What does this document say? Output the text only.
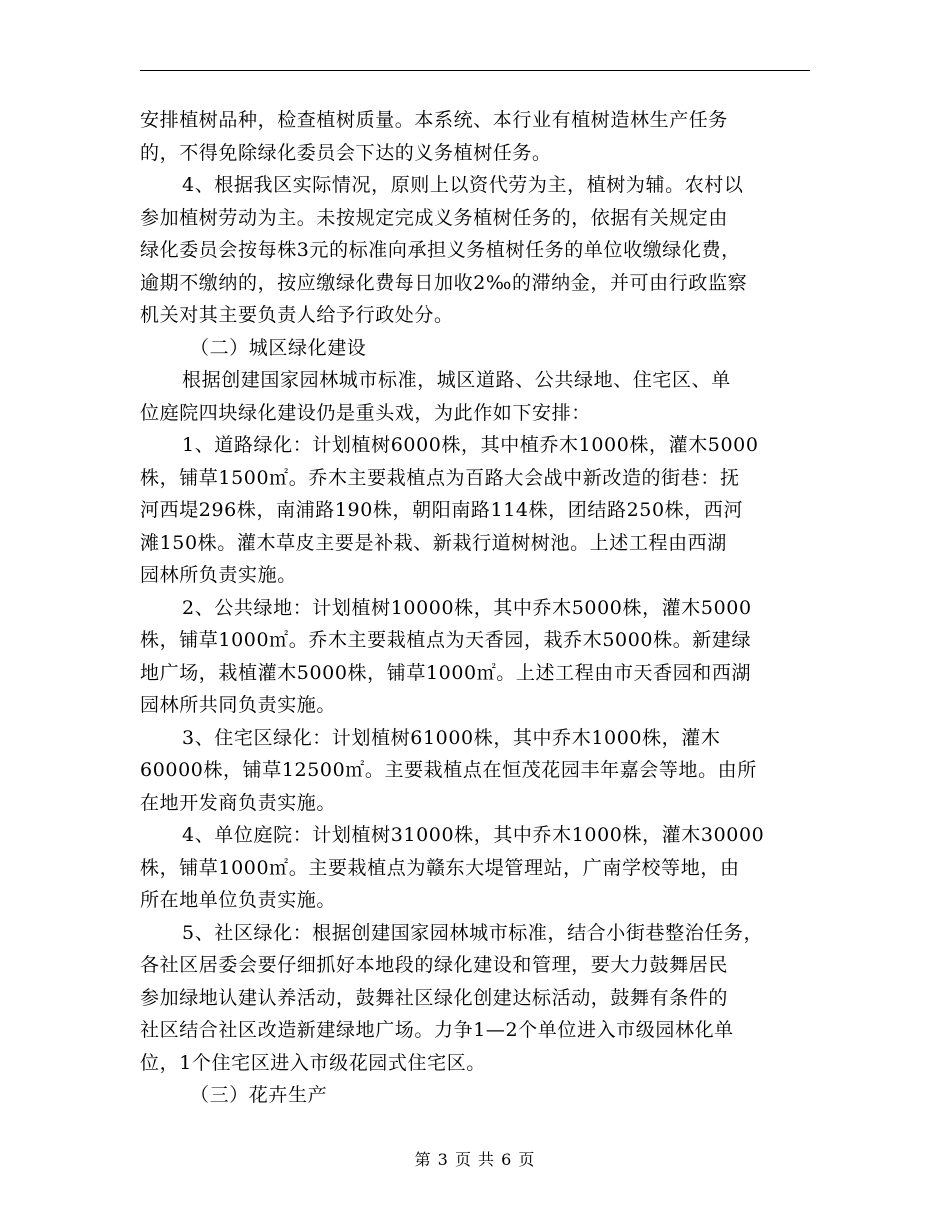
安排植树品种，检查植树质量。本系统、本行业有植树造林生产任务
的，不得免除绿化委员会下达的义务植树任务。
4、根据我区实际情况，原则上以资代劳为主，植树为辅。农村以
参加植树劳动为主。未按规定完成义务植树任务的，依据有关规定由
绿化委员会按每株3元的标准向承担义务植树任务的单位收缴绿化费，
逾期不缴纳的，按应缴绿化费每日加收2‰的滞纳金，并可由行政监察
机关对其主要负责人给予行政处分。
（二）城区绿化建设
根据创建国家园林城市标准，城区道路、公共绿地、住宅区、单
位庭院四块绿化建设仍是重头戏，为此作如下安排：
1、道路绿化：计划植树6000株，其中植乔木1000株，灌木5000
株，铺草1500㎡。乔木主要栽植点为百路大会战中新改造的街巷：抚
河西堤296株，南浦路190株，朝阳南路114株，团结路250株，西河
滩150株。灌木草皮主要是补栽、新栽行道树树池。上述工程由西湖
园林所负责实施。
2、公共绿地：计划植树10000株，其中乔木5000株，灌木5000
株，铺草1000㎡。乔木主要栽植点为天香园，栽乔木5000株。新建绿
地广场，栽植灌木5000株，铺草1000㎡。上述工程由市天香园和西湖
园林所共同负责实施。
3、住宅区绿化：计划植树61000株，其中乔木1000株，灌木
60000株，铺草12500㎡。主要栽植点在恒茂花园丰年嘉会等地。由所
在地开发商负责实施。
4、单位庭院：计划植树31000株，其中乔木1000株，灌木30000
株，铺草1000㎡。主要栽植点为赣东大堤管理站，广南学校等地，由
所在地单位负责实施。
5、社区绿化：根据创建国家园林城市标准，结合小街巷整治任务，
各社区居委会要仔细抓好本地段的绿化建设和管理，要大力鼓舞居民
参加绿地认建认养活动，鼓舞社区绿化创建达标活动，鼓舞有条件的
社区结合社区改造新建绿地广场。力争1—2个单位进入市级园林化单
位，1个住宅区进入市级花园式住宅区。
（三）花卉生产
第 3 页 共 6 页
